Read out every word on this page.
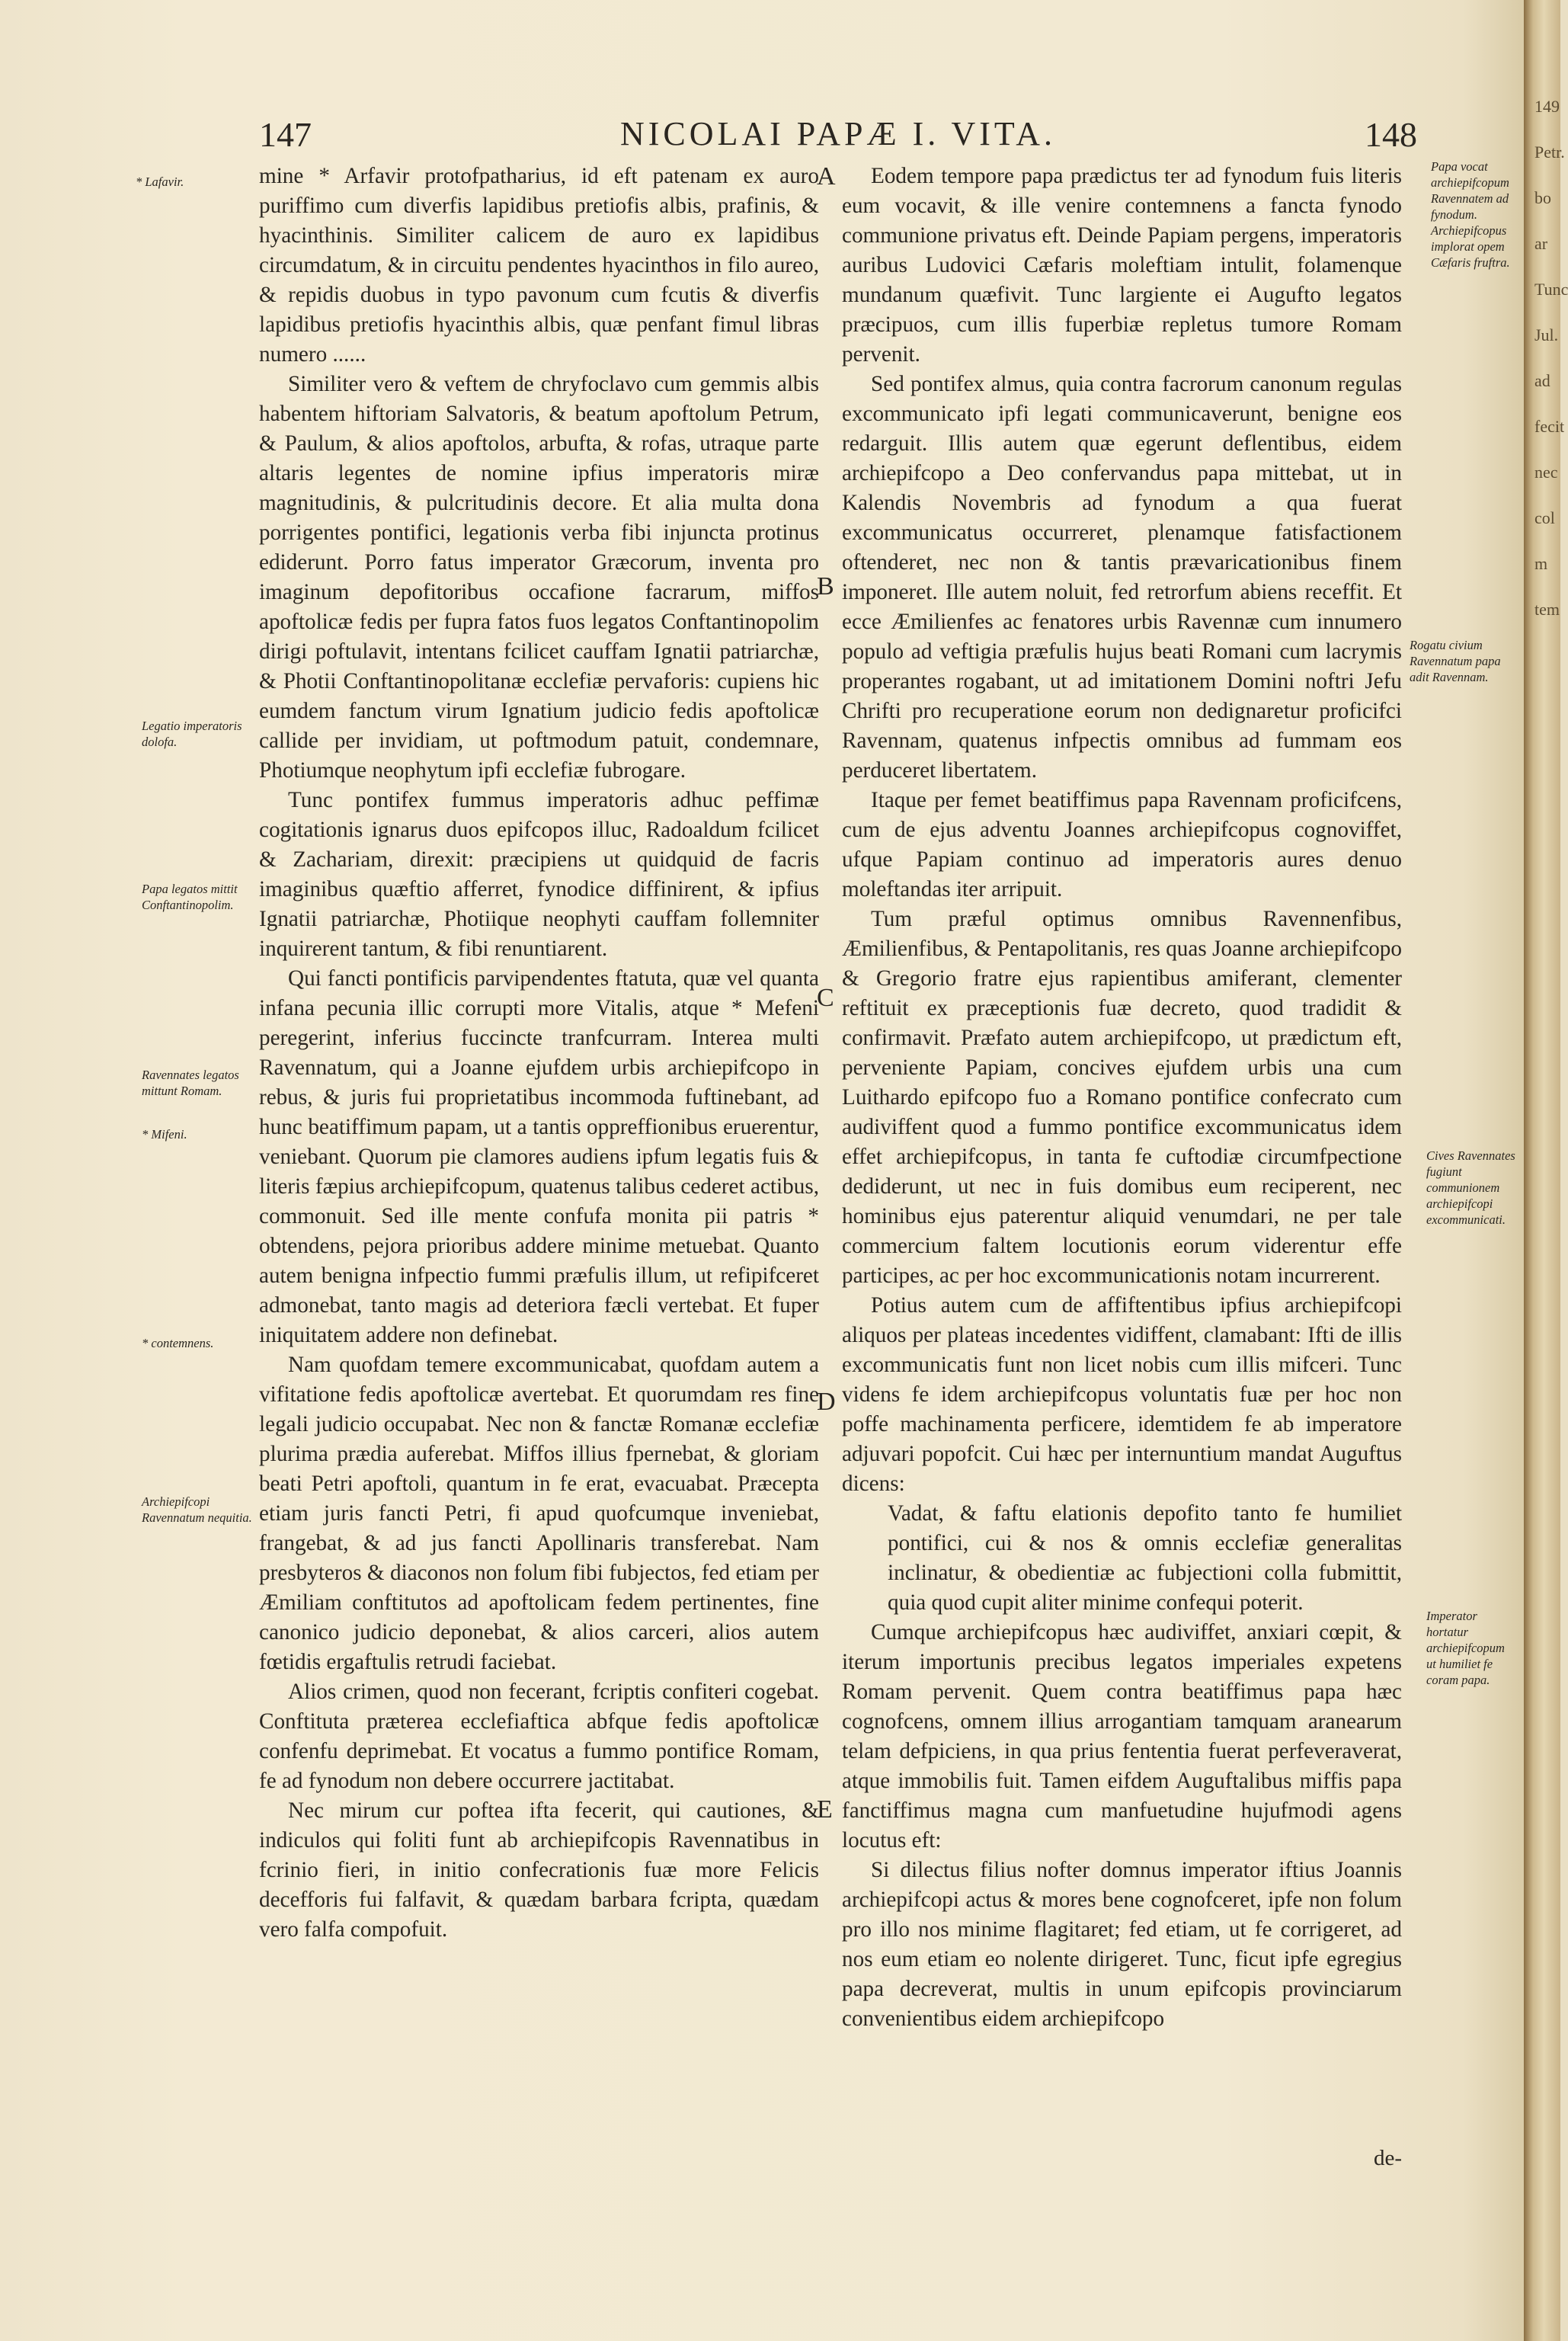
147	NICOLAI PAPÆ I. VITA.	148
* Lafavir.
Legatio imperatoris dolofa.
Papa legatos mittit Conftantinopolim.
Ravennates legatos mittunt Romam.
* Mifeni.
* contemnens.
Archiepifcopi Ravennatum nequitia.
A
B
C
D
E

mine * Arfavir protofpatharius, id eft patenam ex auro puriffimo cum diverfis lapidibus pretiofis albis, prafinis, & hyacinthinis. Similiter calicem de auro ex lapidibus circumdatum, & in circuitu pendentes hyacinthos in filo aureo, & repidis duobus in typo pavonum cum fcutis & diverfis lapidibus pretiofis hyacinthis albis, quæ penfant fimul libras numero ......

Similiter vero & veftem de chryfoclavo cum gemmis albis habentem hiftoriam Salvatoris, & beatum apoftolum Petrum, & Paulum, & alios apoftolos, arbufta, & rofas, utraque parte altaris legentes de nomine ipfius imperatoris miræ magnitudinis, & pulcritudinis decore. Et alia multa dona porrigentes pontifici, legationis verba fibi injuncta protinus ediderunt. Porro fatus imperator Græcorum, inventa pro imaginum depofitoribus occafione facrarum, miffos apoftolicæ fedis per fupra fatos fuos legatos Conftantinopolim dirigi poftulavit, intentans fcilicet cauffam Ignatii patriarchæ, & Photii Conftantinopolitanæ ecclefiæ pervaforis: cupiens hic eumdem fanctum virum Ignatium judicio fedis apoftolicæ callide per invidiam, ut poftmodum patuit, condemnare, Photiumque neophytum ipfi ecclefiæ fubrogare.

Tunc pontifex fummus imperatoris adhuc peffimæ cogitationis ignarus duos epifcopos illuc, Radoaldum fcilicet & Zachariam, direxit: præcipiens ut quidquid de facris imaginibus quæftio afferret, fynodice diffinirent, & ipfius Ignatii patriarchæ, Photiique neophyti cauffam follemniter inquirerent tantum, & fibi renuntiarent.

Qui fancti pontificis parvipendentes ftatuta, quæ vel quanta infana pecunia illic corrupti more Vitalis, atque * Mefeni peregerint, inferius fuccincte tranfcurram. Interea multi Ravennatum, qui a Joanne ejufdem urbis archiepifcopo in rebus, & juris fui proprietatibus incommoda fuftinebant, ad hunc beatiffimum papam, ut a tantis oppreffionibus eruerentur, veniebant. Quorum pie clamores audiens ipfum legatis fuis & literis fæpius archiepifcopum, quatenus talibus cederet actibus, commonuit. Sed ille mente confufa monita pii patris * obtendens, pejora prioribus addere minime metuebat. Quanto autem benigna infpectio fummi præfulis illum, ut refipifceret admonebat, tanto magis ad deteriora fæcli vertebat. Et fuper iniquitatem addere non definebat.

Nam quofdam temere excommunicabat, quofdam autem a vifitatione fedis apoftolicæ avertebat. Et quorumdam res fine legali judicio occupabat. Nec non & fanctæ Romanæ ecclefiæ plurima prædia auferebat. Miffos illius fpernebat, & gloriam beati Petri apoftoli, quantum in fe erat, evacuabat. Præcepta etiam juris fancti Petri, fi apud quofcumque inveniebat, frangebat, & ad jus fancti Apollinaris transferebat. Nam presbyteros & diaconos non folum fibi fubjectos, fed etiam per Æmiliam conftitutos ad apoftolicam fedem pertinentes, fine canonico judicio deponebat, & alios carceri, alios autem fœtidis ergaftulis retrudi faciebat.

Alios crimen, quod non fecerant, fcriptis confiteri cogebat. Conftituta præterea ecclefiaftica abfque fedis apoftolicæ confenfu deprimebat. Et vocatus a fummo pontifice Romam, fe ad fynodum non debere occurrere jactitabat.

Nec mirum cur poftea ifta fecerit, qui cautiones, & indiculos qui foliti funt ab archiepifcopis Ravennatibus in fcrinio fieri, in initio confecrationis fuæ more Felicis decefforis fui falfavit, & quædam barbara fcripta, quædam vero falfa compofuit.

Eodem tempore papa prædictus ter ad fynodum fuis literis eum vocavit, & ille venire contemnens a fancta fynodo communione privatus eft. Deinde Papiam pergens, imperatoris auribus Ludovici Cæfaris moleftiam intulit, folamenque mundanum quæfivit. Tunc largiente ei Augufto legatos præcipuos, cum illis fuperbiæ repletus tumore Romam pervenit.

Sed pontifex almus, quia contra facrorum canonum regulas excommunicato ipfi legati communicaverunt, benigne eos redarguit. Illis autem quæ egerunt deflentibus, eidem archiepifcopo a Deo confervandus papa mittebat, ut in Kalendis Novembris ad fynodum a qua fuerat excommunicatus occurreret, plenamque fatisfactionem oftenderet, nec non & tantis prævaricationibus finem imponeret. Ille autem noluit, fed retrorfum abiens receffit. Et ecce Æmilienfes ac fenatores urbis Ravennæ cum innumero populo ad veftigia præfulis hujus beati Romani cum lacrymis properantes rogabant, ut ad imitationem Domini noftri Jefu Chrifti pro recuperatione eorum non dedignaretur proficifci Ravennam, quatenus infpectis omnibus ad fummam eos perduceret libertatem.

Itaque per femet beatiffimus papa Ravennam proficifcens, cum de ejus adventu Joannes archiepifcopus cognoviffet, ufque Papiam continuo ad imperatoris aures denuo moleftandas iter arripuit.

Tum præful optimus omnibus Ravennenfibus, Æmilienfibus, & Pentapolitanis, res quas Joanne archiepifcopo & Gregorio fratre ejus rapientibus amiferant, clementer reftituit ex præceptionis fuæ decreto, quod tradidit & confirmavit. Præfato autem archiepifcopo, ut prædictum eft, perveniente Papiam, concives ejufdem urbis una cum Luithardo epifcopo fuo a Romano pontifice confecrato cum audiviffent quod a fummo pontifice excommunicatus idem effet archiepifcopus, in tanta fe cuftodiæ circumfpectione dediderunt, ut nec in fuis domibus eum reciperent, nec hominibus ejus paterentur aliquid venumdari, ne per tale commercium faltem locutionis eorum viderentur effe participes, ac per hoc excommunicationis notam incurrerent.

Potius autem cum de affiftentibus ipfius archiepifcopi aliquos per plateas incedentes vidiffent, clamabant: Ifti de illis excommunicatis funt non licet nobis cum illis mifceri. Tunc videns fe idem archiepifcopus voluntatis fuæ per hoc non poffe machinamenta perficere, idemtidem fe ab imperatore adjuvari popofcit. Cui hæc per internuntium mandat Auguftus dicens:

Vadat, & faftu elationis depofito tanto fe humiliet pontifici, cui & nos & omnis ecclefiæ generalitas inclinatur, & obedientiæ ac fubjectioni colla fubmittit, quia quod cupit aliter minime confequi poterit.

Cumque archiepifcopus hæc audiviffet, anxiari cœpit, & iterum importunis precibus legatos imperiales expetens Romam pervenit. Quem contra beatiffimus papa hæc cognofcens, omnem illius arrogantiam tamquam aranearum telam defpiciens, in qua prius fententia fuerat perfeveraverat, atque immobilis fuit. Tamen eifdem Auguftalibus miffis papa fanctiffimus magna cum manfuetudine hujufmodi agens locutus eft:

Si dilectus filius nofter domnus imperator iftius Joannis archiepifcopi actus & mores bene cognofceret, ipfe non folum pro illo nos minime flagitaret; fed etiam, ut fe corrigeret, ad nos eum etiam eo nolente dirigeret. Tunc, ficut ipfe egregius papa decreverat, multis in unum epifcopis provinciarum convenientibus eidem archiepifcopo

de-
Papa vocat archiepifcopum Ravennatem ad fynodum. Archiepifcopus implorat opem Cæfaris fruftra.
Rogatu civium Ravennatum papa adit Ravennam.
Cives Ravennates fugiunt communionem archiepifcopi excommunicati.
Imperator hortatur archiepifcopum ut humiliet fe coram papa.
149
Petr.
bo
ar
Tunc
Jul.
ad
fecit
nec
col
m
tem
